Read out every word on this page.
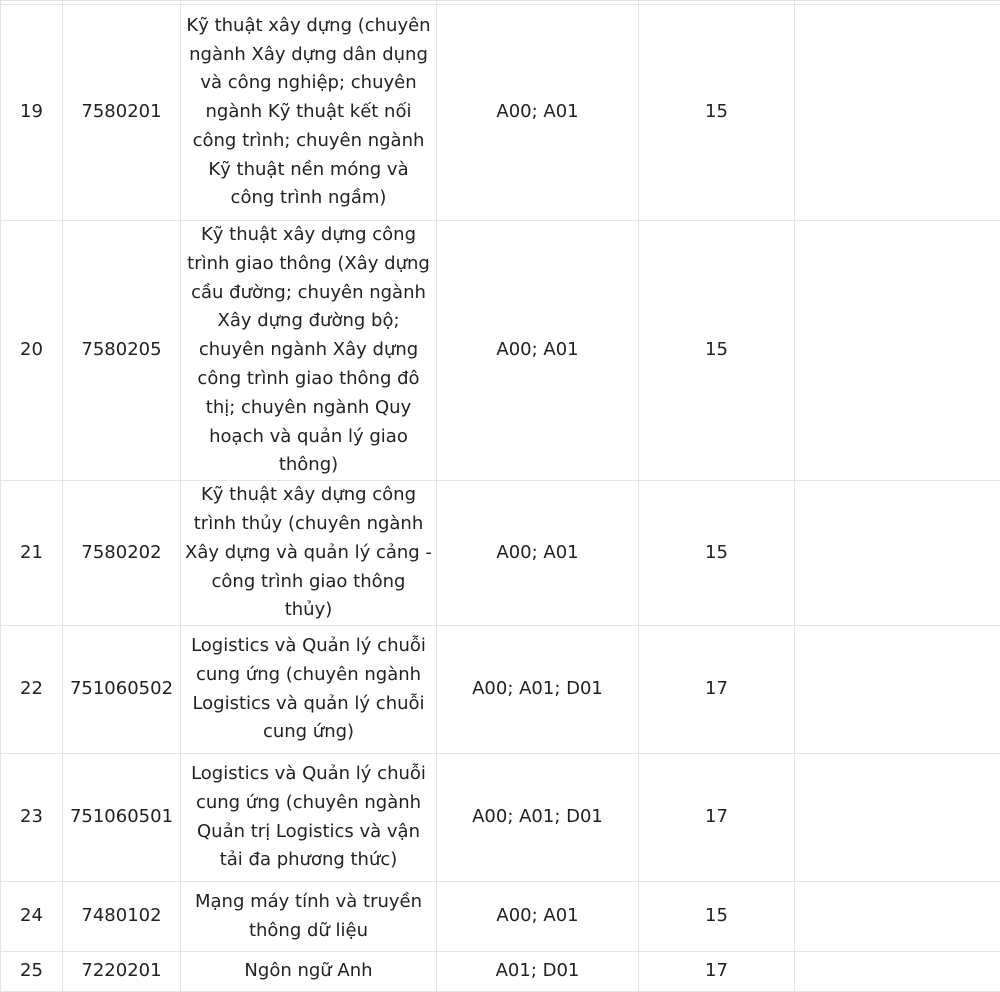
19	7580201	Kỹ thuật xây dựng (chuyên ngành Xây dựng dân dụng và công nghiệp; chuyên ngành Kỹ thuật kết nối công trình; chuyên ngành Kỹ thuật nền móng và công trình ngầm)	A00; A01	15	
20	7580205	Kỹ thuật xây dựng công trình giao thông (Xây dựng cầu đường; chuyên ngành Xây dựng đường bộ; chuyên ngành Xây dựng công trình giao thông đô thị; chuyên ngành Quy hoạch và quản lý giao thông)	A00; A01	15	
21	7580202	Kỹ thuật xây dựng công trình thủy (chuyên ngành Xây dựng và quản lý cảng - công trình giao thông thủy)	A00; A01	15	
22	751060502	Logistics và Quản lý chuỗi cung ứng (chuyên ngành Logistics và quản lý chuỗi cung ứng)	A00; A01; D01	17	
23	751060501	Logistics và Quản lý chuỗi cung ứng (chuyên ngành Quản trị Logistics và vận tải đa phương thức)	A00; A01; D01	17	
24	7480102	Mạng máy tính và truyền thông dữ liệu	A00; A01	15	
25	7220201	Ngôn ngữ Anh	A01; D01	17	
